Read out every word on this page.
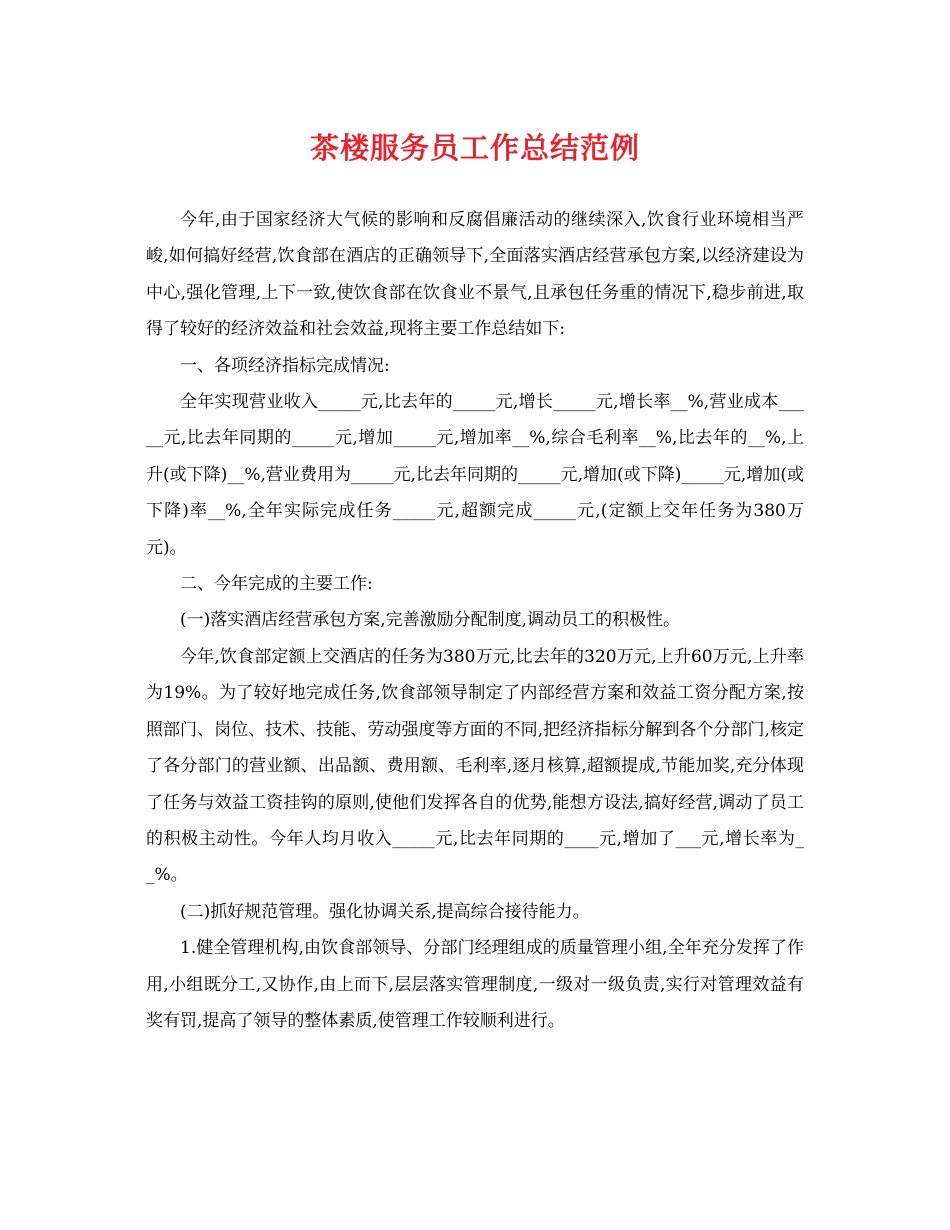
茶楼服务员工作总结范例

今年,由于国家经济大气候的影响和反腐倡廉活动的继续深入,饮食行业环境相当严峻,如何搞好经营,饮食部在酒店的正确领导下,全面落实酒店经营承包方案,以经济建设为中心,强化管理,上下一致,使饮食部在饮食业不景气,且承包任务重的情况下,稳步前进,取得了较好的经济效益和社会效益,现将主要工作总结如下:

一、各项经济指标完成情况:

全年实现营业收入_____元,比去年的_____元,增长_____元,增长率__%,营业成本_____元,比去年同期的_____元,增加_____元,增加率__%,综合毛利率__%,比去年的__%,上升(或下降)__%,营业费用为_____元,比去年同期的_____元,增加(或下降)_____元,增加(或下降)率__%,全年实际完成任务_____元,超额完成_____元,(定额上交年任务为380万元)。

二、今年完成的主要工作:

(一)落实酒店经营承包方案,完善激励分配制度,调动员工的积极性。

今年,饮食部定额上交酒店的任务为380万元,比去年的320万元,上升60万元,上升率为19%。为了较好地完成任务,饮食部领导制定了内部经营方案和效益工资分配方案,按照部门、岗位、技术、技能、劳动强度等方面的不同,把经济指标分解到各个分部门,核定了各分部门的营业额、出品额、费用额、毛利率,逐月核算,超额提成,节能加奖,充分体现了任务与效益工资挂钩的原则,使他们发挥各自的优势,能想方设法,搞好经营,调动了员工的积极主动性。今年人均月收入_____元,比去年同期的____元,增加了___元,增长率为__%。

(二)抓好规范管理。强化协调关系,提高综合接待能力。

1.健全管理机构,由饮食部领导、分部门经理组成的质量管理小组,全年充分发挥了作用,小组既分工,又协作,由上而下,层层落实管理制度,一级对一级负责,实行对管理效益有奖有罚,提高了领导的整体素质,使管理工作较顺利进行。
